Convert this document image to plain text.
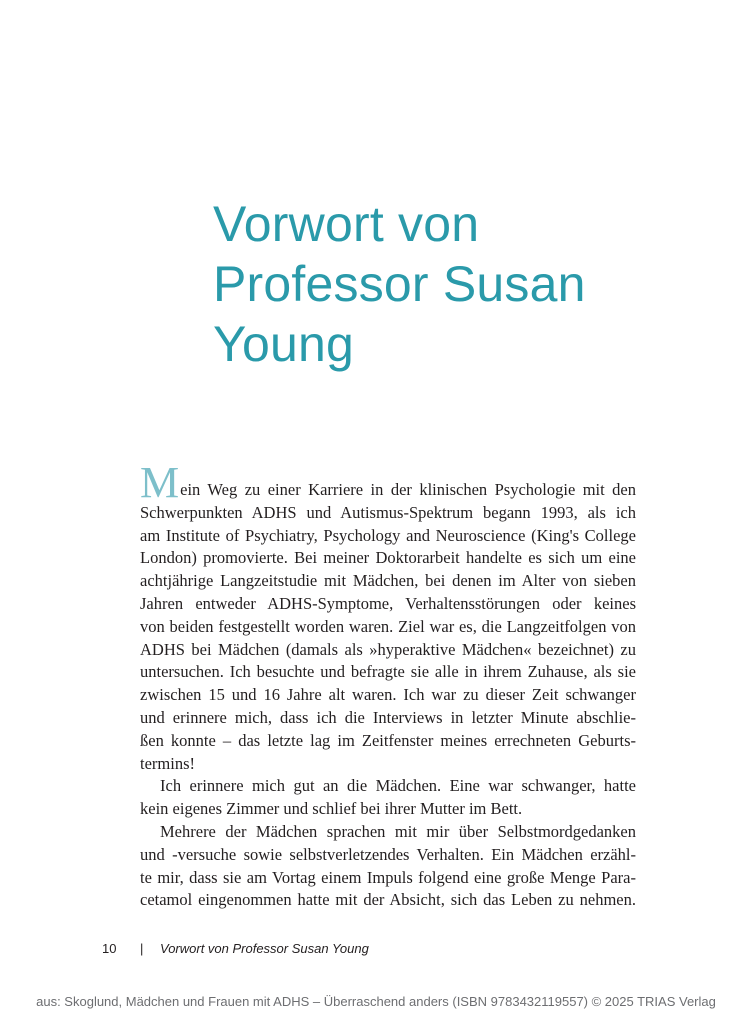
Vorwort von
Professor Susan
Young

Mein Weg zu einer Karriere in der klinischen Psychologie mit den
Schwerpunkten ADHS und Autismus-Spektrum begann 1993, als ich
am Institute of Psychiatry, Psychology and Neuroscience (King's College
London) promovierte. Bei meiner Doktorarbeit handelte es sich um eine
achtjährige Langzeitstudie mit Mädchen, bei denen im Alter von sieben
Jahren entweder ADHS-Symptome, Verhaltensstörungen oder keines
von beiden festgestellt worden waren. Ziel war es, die Langzeitfolgen von
ADHS bei Mädchen (damals als »hyperaktive Mädchen« bezeichnet) zu
untersuchen. Ich besuchte und befragte sie alle in ihrem Zuhause, als sie
zwischen 15 und 16 Jahre alt waren. Ich war zu dieser Zeit schwanger
und erinnere mich, dass ich die Interviews in letzter Minute abschlie-
ßen konnte – das letzte lag im Zeitfenster meines errechneten Geburts-
termins!

Ich erinnere mich gut an die Mädchen. Eine war schwanger, hatte
kein eigenes Zimmer und schlief bei ihrer Mutter im Bett.

Mehrere der Mädchen sprachen mit mir über Selbstmordgedanken
und -versuche sowie selbstverletzendes Verhalten. Ein Mädchen erzähl-
te mir, dass sie am Vortag einem Impuls folgend eine große Menge Para-
cetamol eingenommen hatte mit der Absicht, sich das Leben zu nehmen.

10 | Vorwort von Professor Susan Young
aus: Skoglund, Mädchen und Frauen mit ADHS – Überraschend anders (ISBN 9783432119557) © 2025 TRIAS Verlag
